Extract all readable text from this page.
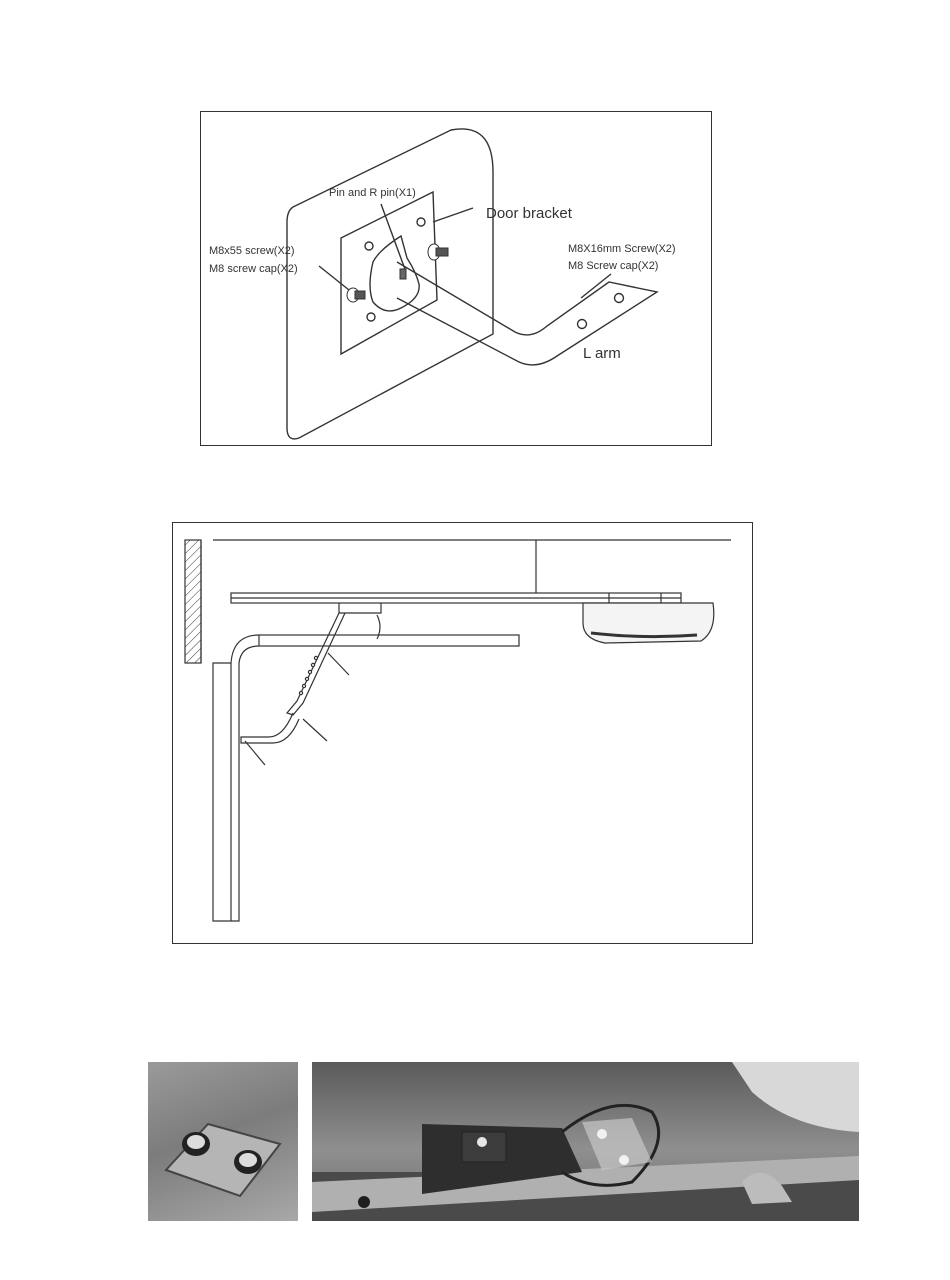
Pin and R pin(X1)
Door bracket
M8x55 screw(X2)
M8 screw cap(X2)
M8X16mm Screw(X2)
M8 Screw cap(X2)
L arm
